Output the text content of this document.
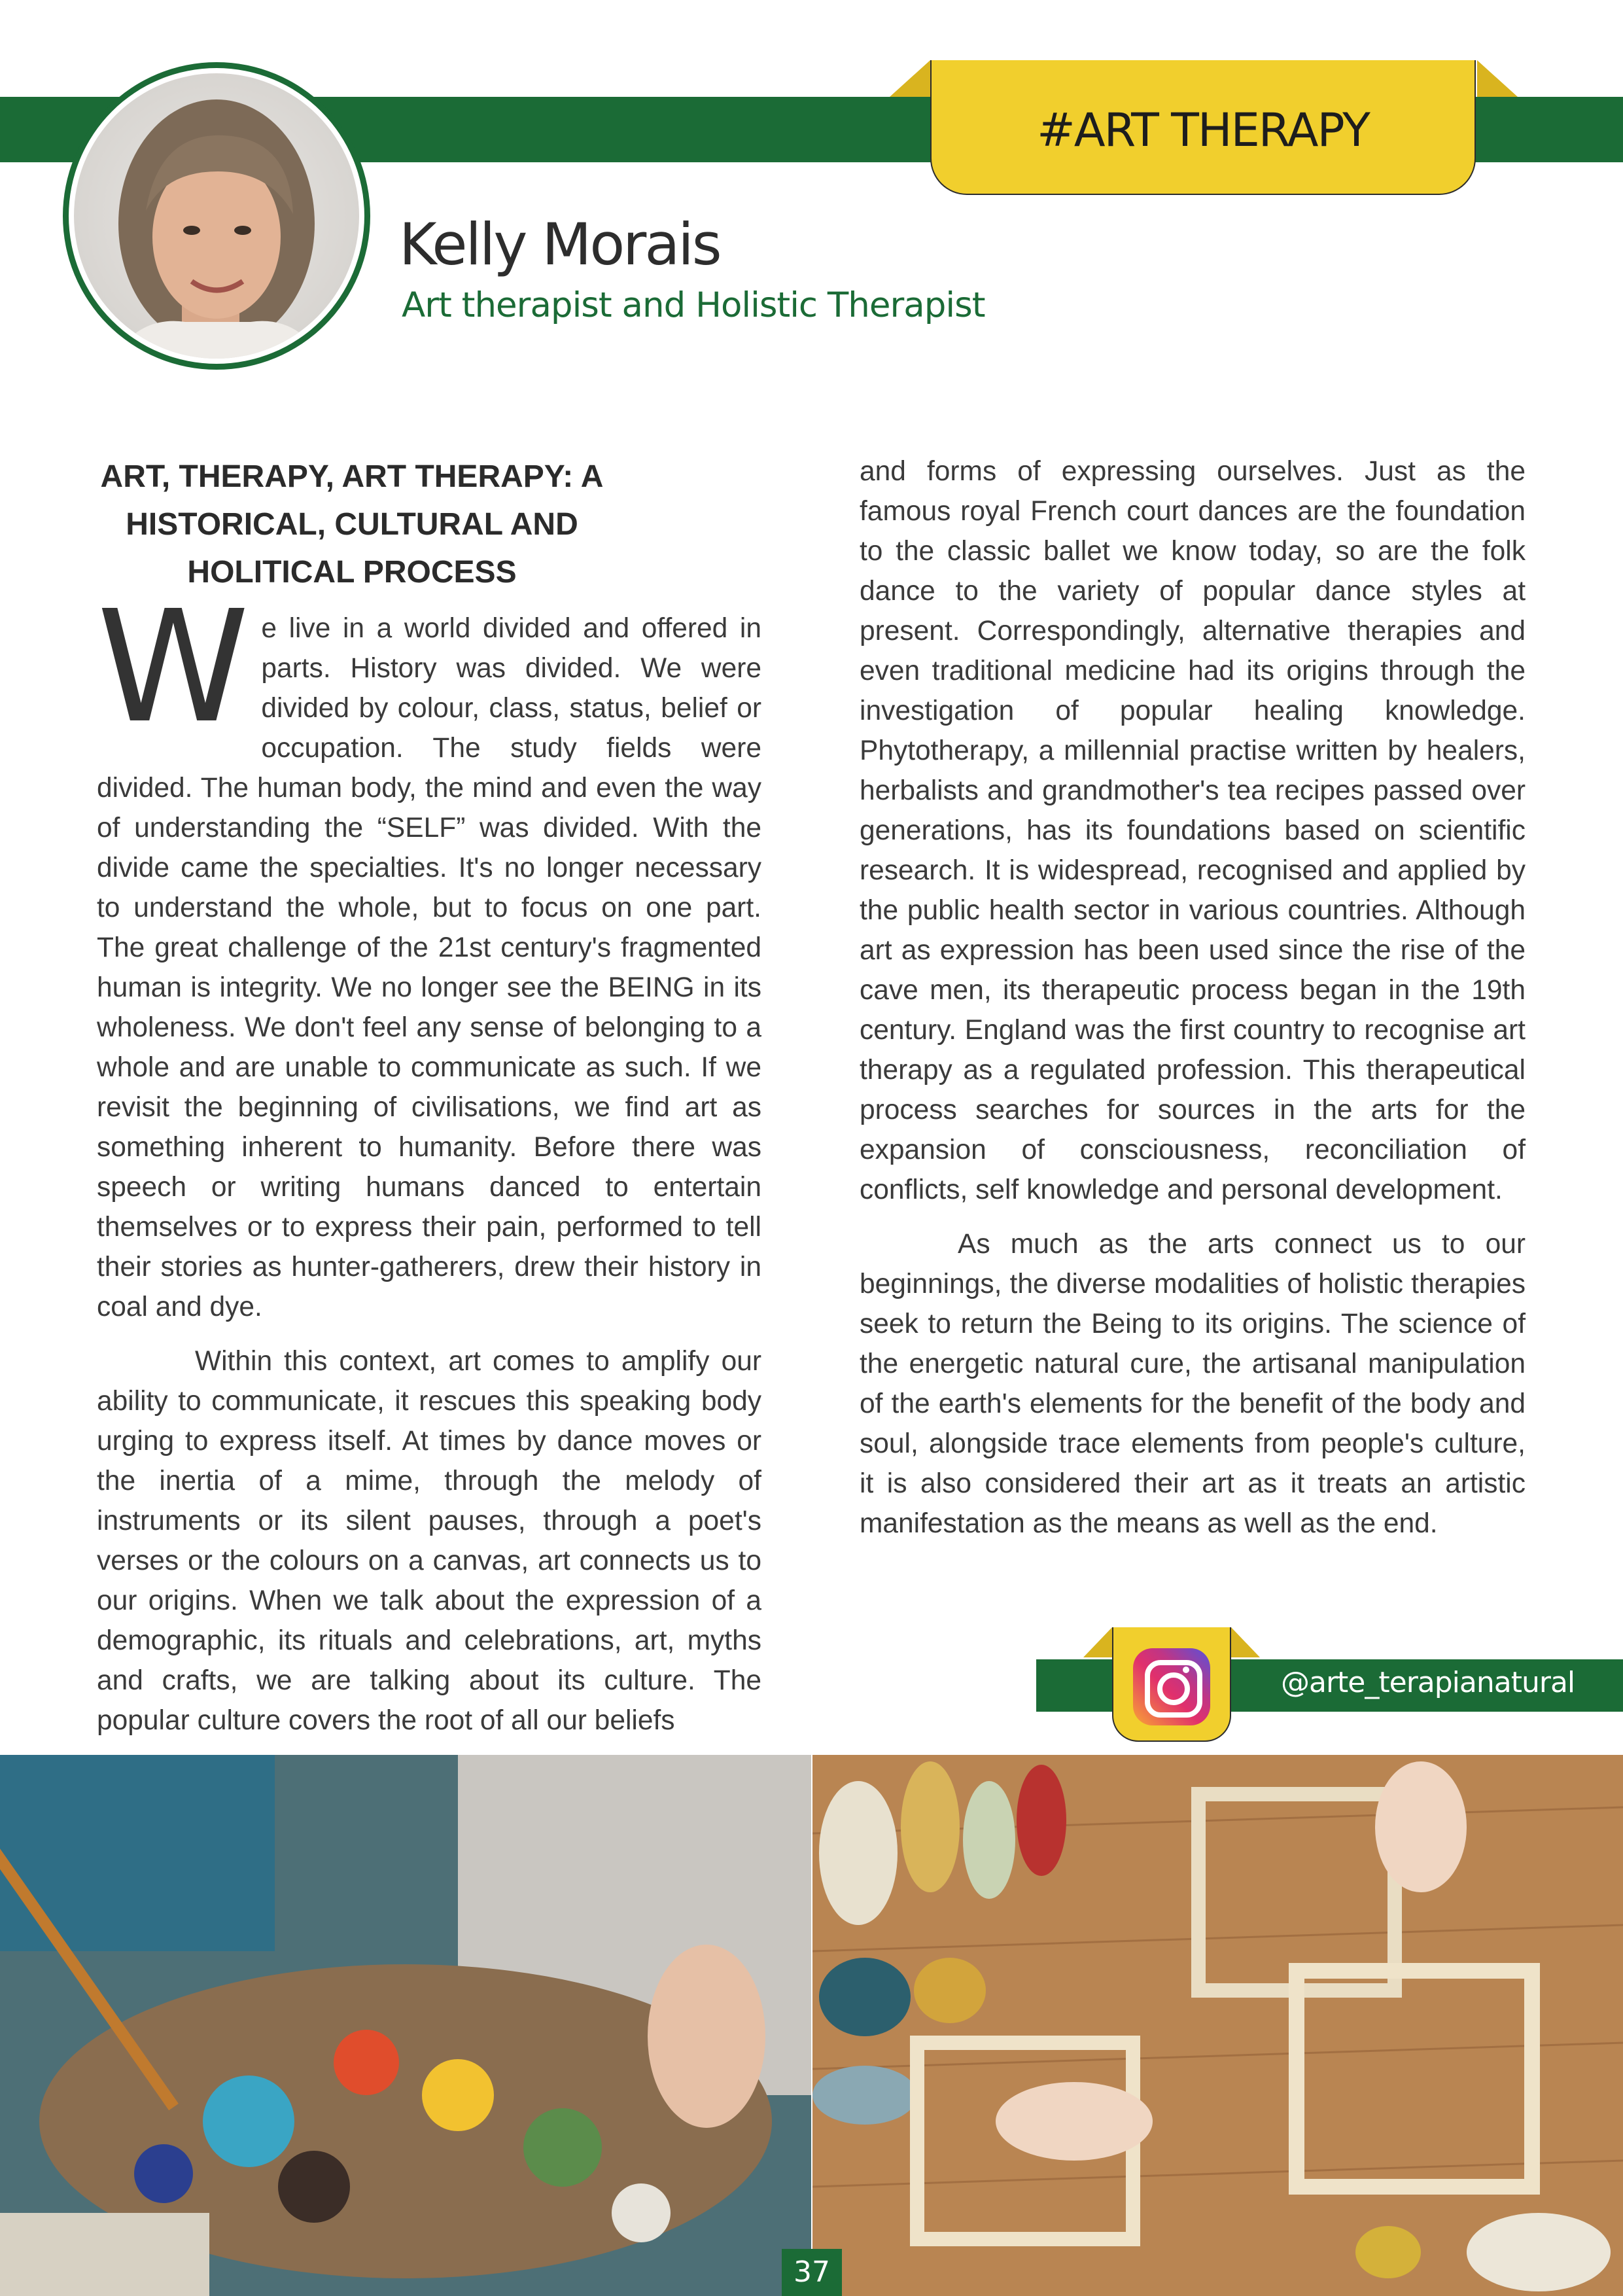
#ART THERAPY
Kelly Morais
Art therapist and Holistic Therapist
ART, THERAPY, ART THERAPY: A
HISTORICAL, CULTURAL AND
HOLITICAL PROCESS

We live in a world divided and offered in parts. History was divided. We were divided by colour, class, status, belief or occupation. The study fields were divided. The human body, the mind and even the way of understanding the “SELF” was divided. With the divide came the specialties. It's no longer necessary to understand the whole, but to focus on one part. The great challenge of the 21st century's fragmented human is integrity. We no longer see the BEING in its wholeness. We don't feel any sense of belonging to a whole and are unable to communicate as such. If we revisit the beginning of civilisations, we find art as something inherent to humanity. Before there was speech or writing humans danced to entertain themselves or to express their pain, performed to tell their stories as hunter-gatherers, drew their history in coal and dye.

Within this context, art comes to amplify our ability to communicate, it rescues this speaking body urging to express itself. At times by dance moves or the inertia of a mime, through the melody of instruments or its silent pauses, through a poet's verses or the colours on a canvas, art connects us to our origins. When we talk about the expression of a demographic, its rituals and celebrations, art, myths and crafts, we are talking about its culture. The popular culture covers the root of all our beliefs

and forms of expressing ourselves. Just as the famous royal French court dances are the foundation to the classic ballet we know today, so are the folk dance to the variety of popular dance styles at present. Correspondingly, alternative therapies and even traditional medicine had its origins through the investigation of popular healing knowledge. Phytotherapy, a millennial practise written by healers, herbalists and grandmother's tea recipes passed over generations, has its foundations based on scientific research. It is widespread, recognised and applied by the public health sector in various countries. Although art as expression has been used since the rise of the cave men, its therapeutic process began in the 19th century. England was the first country to recognise art therapy as a regulated profession. This therapeutical process searches for sources in the arts for the expansion of consciousness, reconciliation of conflicts, self knowledge and personal development.

As much as the arts connect us to our beginnings, the diverse modalities of holistic therapies seek to return the Being to its origins. The science of the energetic natural cure, the artisanal manipulation of the earth's elements for the benefit of the body and soul, alongside trace elements from people's culture, it is also considered their art as it treats an artistic manifestation as the means as well as the end.

@arte_terapianatural
37
